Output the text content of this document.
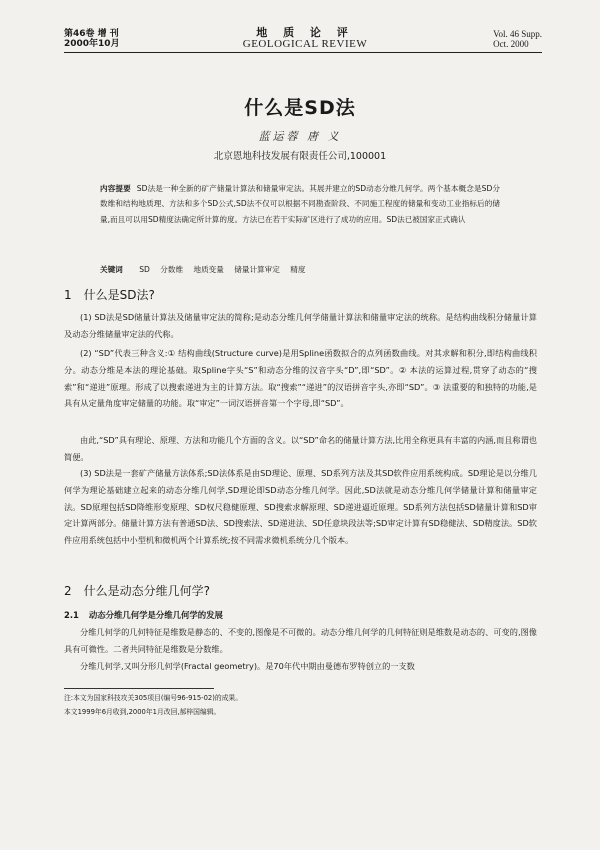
第46卷 增 刊
2000年10月
地 质 论 评
GEOLOGICAL REVIEW
Vol. 46 Supp.
Oct. 2000
什么是SD法
蓝运蓉 唐 义
北京恩地科技发展有限责任公司,100001
内容提要 SD法是一种全新的矿产储量计算法和储量审定法。其展并建立的SD动态分维几何学。两个基本概念是SD分数维和结构地质理、方法和多个SD公式,SD法不仅可以根据不同勘查阶段、不同施工程度的储量和变动工业指标后的储量,而且可以用SD精度法确定所计算的度。方法已在若干实际矿区进行了成功的应用。SD法已被国家正式确认
关键词 SD 分数维 地质变量 储量计算审定 精度
1 什么是SD法?
(1) SD法是SD储量计算法及储量审定法的简称;是动态分维几何学储量计算法和储量审定法的统称。是结构曲线积分储量计算及动态分维储量审定法的代称。
(2) “SD”代表三种含义:① 结构曲线(Structure curve)是用Spline函数拟合的点列函数曲线。对其求解和积分,即结构曲线积分。动态分维是本法的理论基础。取Spline字头“S”和动态分维的汉音字头“D”,即“SD”。② 本法的运算过程,贯穿了动态的“搜索”和“递进”原理。形成了以搜索递进为主的计算方法。取“搜索”“递进”的汉语拼音字头,亦即“SD”。③ 法重要的和独特的功能,是具有从定量角度审定储量的功能。取“审定”一词汉语拼音第一个字母,即“SD”。
由此,“SD”具有理论、原理、方法和功能几个方面的含义。以“SD”命名的储量计算方法,比用全称更具有丰富的内涵,而且称谓也简便。
(3) SD法是一套矿产储量方法体系;SD法体系是由SD理论、原理、SD系列方法及其SD软件应用系统构成。SD理论是以分维几何学为理论基础建立起来的动态分维几何学,SD理论即SD动态分维几何学。因此,SD法就是动态分维几何学储量计算和储量审定法。SD原理包括SD降维形变原理、SD权尺稳健原理、SD搜索求解原理、SD递进逼近原理。SD系列方法包括SD储量计算和SD审定计算两部分。储量计算方法有普通SD法、SD搜索法、SD递进法、SD任意块段法等;SD审定计算有SD稳健法、SD精度法。SD软件应用系统包括中小型机和微机两个计算系统;按不同需求微机系统分几个版本。
2 什么是动态分维几何学?
2.1 动态分维几何学是分维几何学的发展
分维几何学的几何特征是维数是静态的、不变的,图像是不可微的。动态分维几何学的几何特征则是维数是动态的、可变的,图像具有可微性。二者共同特征是维数是分数维。
分维几何学,又叫分形几何学(Fractal geometry)。是70年代中期由曼德布罗特创立的一支数
注:本文为国家科技攻关305项目(编号96-915-02)的成果。
本文1999年6月收到,2000年1月改回,郝梓国编辑。
